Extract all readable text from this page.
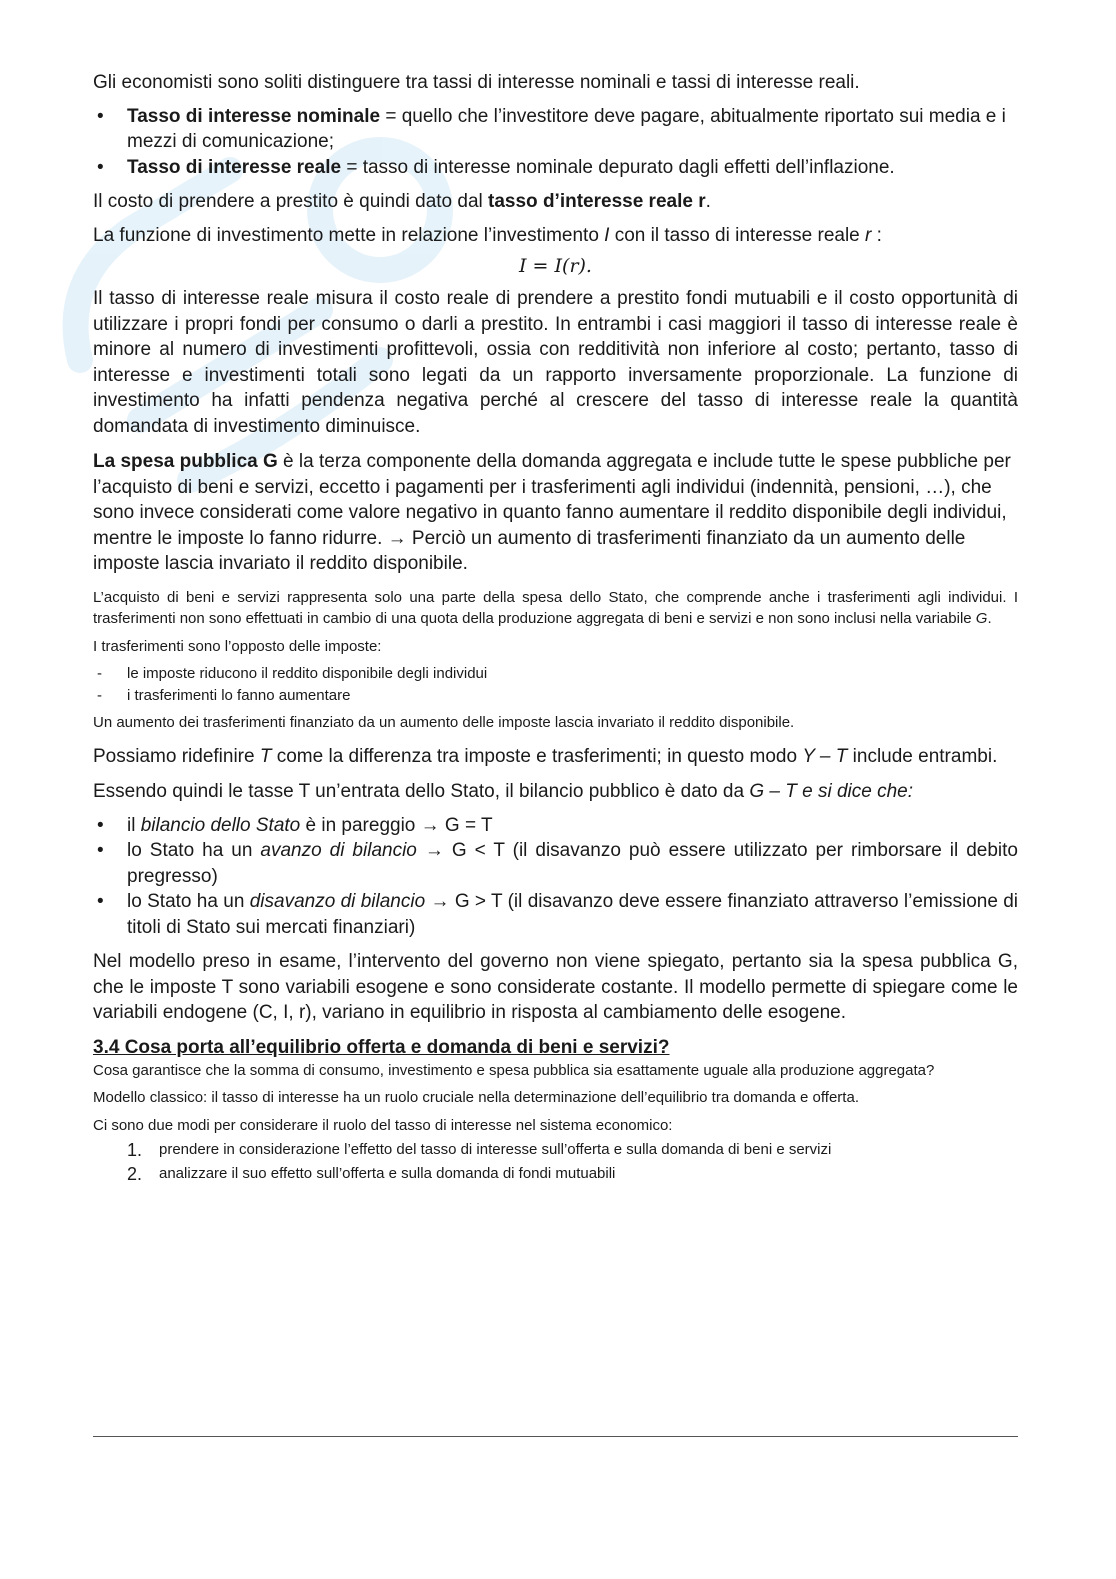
Gli economisti sono soliti distinguere tra tassi di interesse nominali e tassi di interesse reali.

• Tasso di interesse nominale = quello che l’investitore deve pagare, abitualmente riportato sui media e i mezzi di comunicazione;
• Tasso di interesse reale = tasso di interesse nominale depurato dagli effetti dell’inflazione.

Il costo di prendere a prestito è quindi dato dal tasso d’interesse reale r.

La funzione di investimento mette in relazione l’investimento I con il tasso di interesse reale r :

I = I(r).

Il tasso di interesse reale misura il costo reale di prendere a prestito fondi mutuabili e il costo opportunità di utilizzare i propri fondi per consumo o darli a prestito. In entrambi i casi maggiori il tasso di interesse reale è minore al numero di investimenti profittevoli, ossia con redditività non inferiore al costo; pertanto, tasso di interesse e investimenti totali sono legati da un rapporto inversamente proporzionale. La funzione di investimento ha infatti pendenza negativa perché al crescere del tasso di interesse reale la quantità domandata di investimento diminuisce.

La spesa pubblica G è la terza componente della domanda aggregata e include tutte le spese pubbliche per l’acquisto di beni e servizi, eccetto i pagamenti per i trasferimenti agli individui (indennità, pensioni, …), che sono invece considerati come valore negativo in quanto fanno aumentare il reddito disponibile degli individui, mentre le imposte lo fanno ridurre. → Perciò un aumento di trasferimenti finanziato da un aumento delle imposte lascia invariato il reddito disponibile.

L’acquisto di beni e servizi rappresenta solo una parte della spesa dello Stato, che comprende anche i trasferimenti agli individui. I trasferimenti non sono effettuati in cambio di una quota della produzione aggregata di beni e servizi e non sono inclusi nella variabile G.

I trasferimenti sono l’opposto delle imposte:

- le imposte riducono il reddito disponibile degli individui
- i trasferimenti lo fanno aumentare

Un aumento dei trasferimenti finanziato da un aumento delle imposte lascia invariato il reddito disponibile.

Possiamo ridefinire T come la differenza tra imposte e trasferimenti; in questo modo Y – T include entrambi.

Essendo quindi le tasse T un’entrata dello Stato, il bilancio pubblico è dato da G – T e si dice che:

• il bilancio dello Stato è in pareggio → G = T
• lo Stato ha un avanzo di bilancio → G < T (il disavanzo può essere utilizzato per rimborsare il debito pregresso)
• lo Stato ha un disavanzo di bilancio → G > T (il disavanzo deve essere finanziato attraverso l’emissione di titoli di Stato sui mercati finanziari)

Nel modello preso in esame, l’intervento del governo non viene spiegato, pertanto sia la spesa pubblica G, che le imposte T sono variabili esogene e sono considerate costante. Il modello permette di spiegare come le variabili endogene (C, I, r), variano in equilibrio in risposta al cambiamento delle esogene.

3.4 Cosa porta all’equilibrio offerta e domanda di beni e servizi?

Cosa garantisce che la somma di consumo, investimento e spesa pubblica sia esattamente uguale alla produzione aggregata?

Modello classico: il tasso di interesse ha un ruolo cruciale nella determinazione dell’equilibrio tra domanda e offerta.

Ci sono due modi per considerare il ruolo del tasso di interesse nel sistema economico:

1. prendere in considerazione l’effetto del tasso di interesse sull’offerta e sulla domanda di beni e servizi
2. analizzare il suo effetto sull’offerta e sulla domanda di fondi mutuabili
